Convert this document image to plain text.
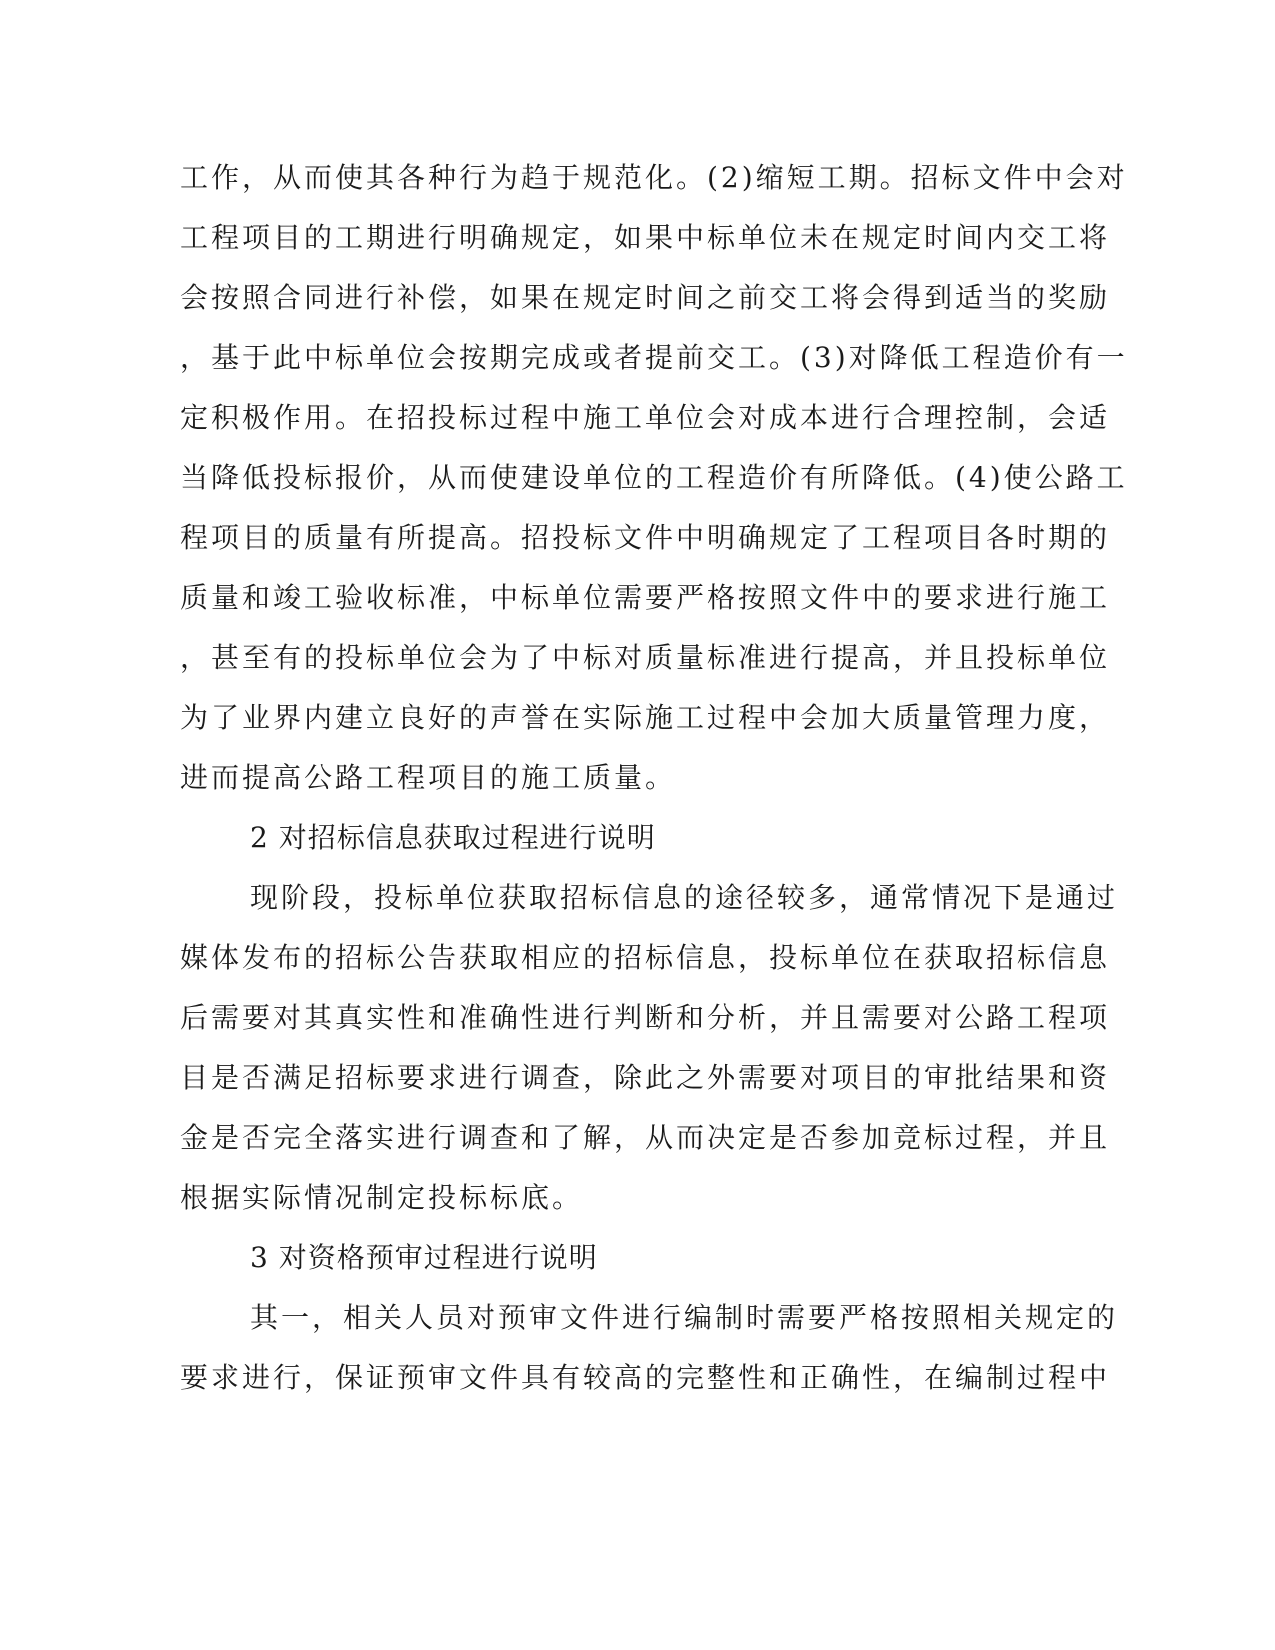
工作，从而使其各种行为趋于规范化。(2)缩短工期。招标文件中会对
工程项目的工期进行明确规定，如果中标单位未在规定时间内交工将
会按照合同进行补偿，如果在规定时间之前交工将会得到适当的奖励
，基于此中标单位会按期完成或者提前交工。(3)对降低工程造价有一
定积极作用。在招投标过程中施工单位会对成本进行合理控制，会适
当降低投标报价，从而使建设单位的工程造价有所降低。(4)使公路工
程项目的质量有所提高。招投标文件中明确规定了工程项目各时期的
质量和竣工验收标准，中标单位需要严格按照文件中的要求进行施工
，甚至有的投标单位会为了中标对质量标准进行提高，并且投标单位
为了业界内建立良好的声誉在实际施工过程中会加大质量管理力度，
进而提高公路工程项目的施工质量。
2 对招标信息获取过程进行说明
现阶段，投标单位获取招标信息的途径较多，通常情况下是通过
媒体发布的招标公告获取相应的招标信息，投标单位在获取招标信息
后需要对其真实性和准确性进行判断和分析，并且需要对公路工程项
目是否满足招标要求进行调查，除此之外需要对项目的审批结果和资
金是否完全落实进行调查和了解，从而决定是否参加竞标过程，并且
根据实际情况制定投标标底。
3 对资格预审过程进行说明
其一，相关人员对预审文件进行编制时需要严格按照相关规定的
要求进行，保证预审文件具有较高的完整性和正确性，在编制过程中
